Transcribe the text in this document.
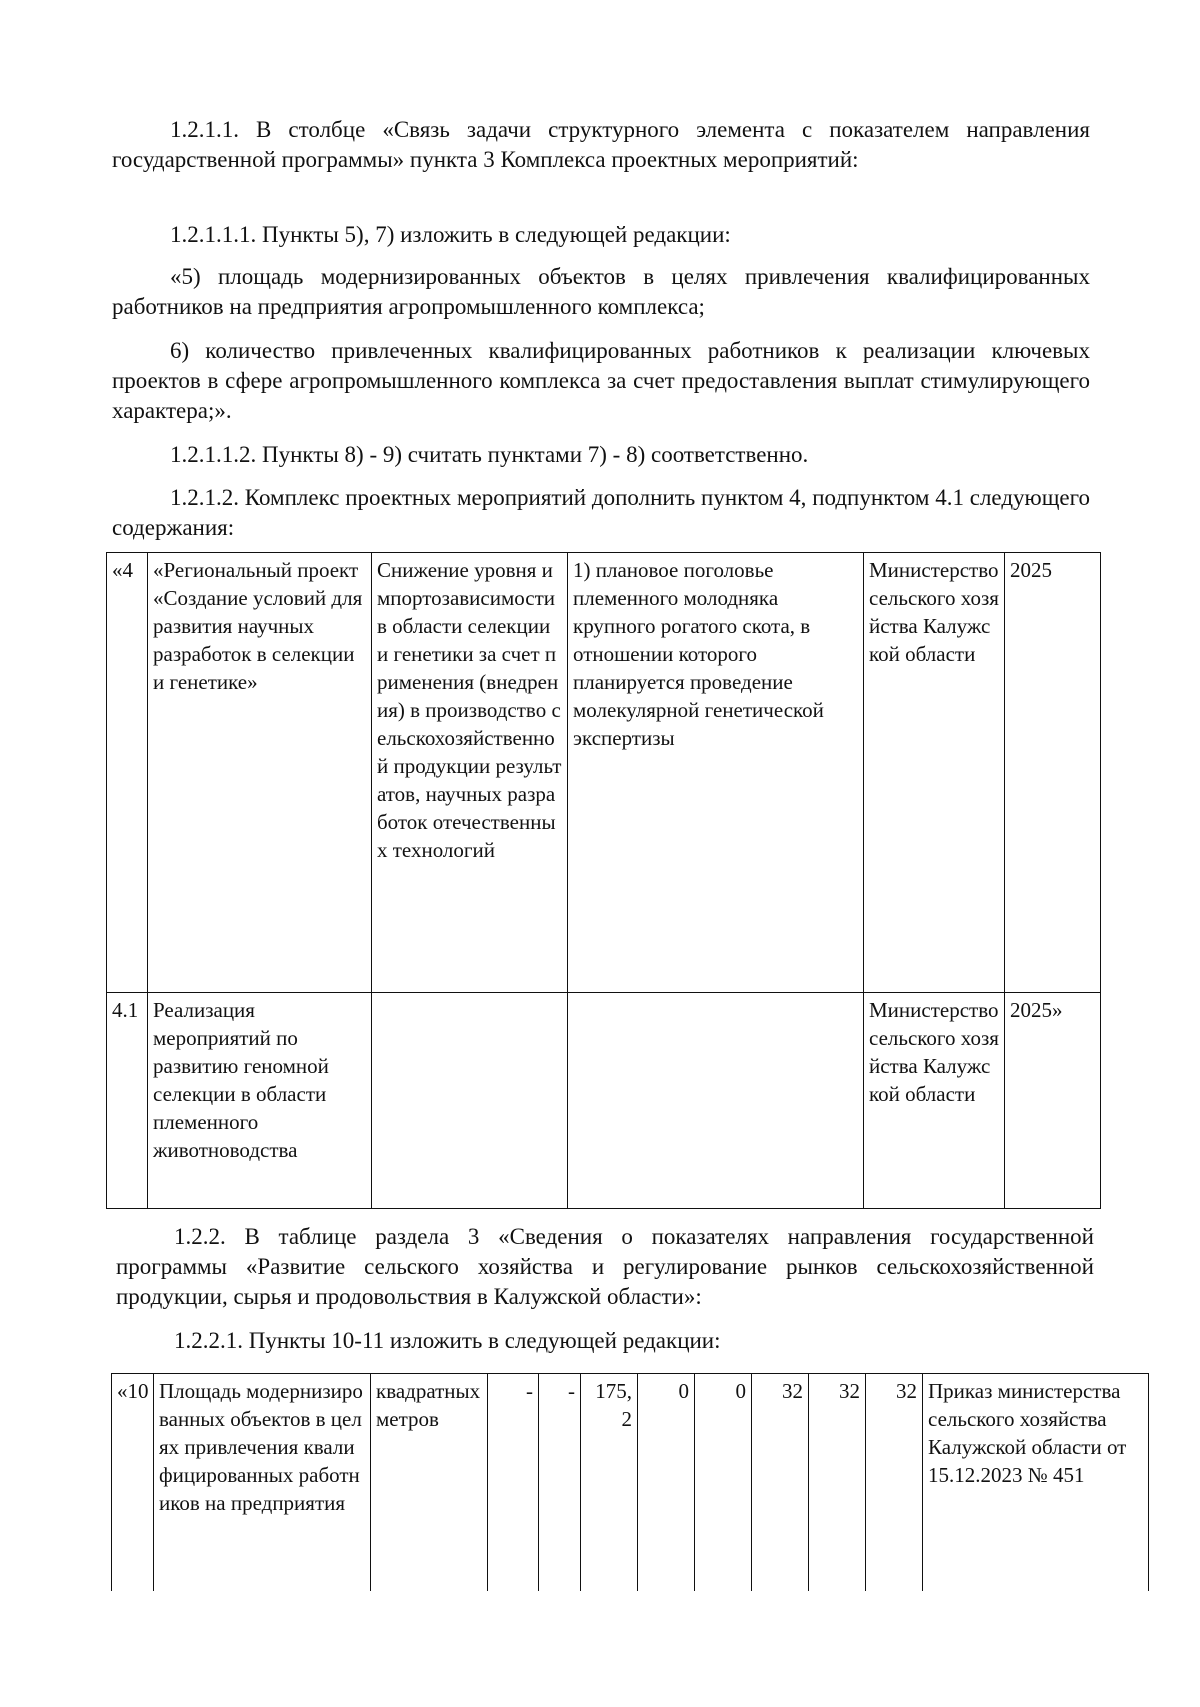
1.2.1.1. В столбце «Связь задачи структурного элемента с показателем направления государственной программы» пункта 3 Комплекса проектных мероприятий:

1.2.1.1.1. Пункты 5), 7) изложить в следующей редакции:

«5) площадь модернизированных объектов в целях привлечения квалифицированных работников на предприятия агропромышленного комплекса;

6) количество привлеченных квалифицированных работников к реализации ключевых проектов в сфере агропромышленного комплекса за счет предоставления выплат стимулирующего характера;».

1.2.1.1.2. Пункты 8) - 9) считать пунктами 7) - 8) соответственно.

1.2.1.2. Комплекс проектных мероприятий дополнить пунктом 4, подпунктом 4.1 следующего содержания:

«4	«Региональный проект «Создание условий для развития научных разработок в селекции и генетике»	Снижение уровня импортозависимости в области селекции и генетики за счет применения (внедрения) в производство сельскохозяйственной продукции результатов, научных разработок отечественных технологий	1) плановое поголовье племенного молодняка крупного рогатого скота, в отношении которого планируется проведение молекулярной генетической экспертизы	Министерство сельского хозяйства Калужской области	2025
4.1	Реализация мероприятий по развитию геномной селекции в области племенного животноводства			Министерство сельского хозяйства Калужской области	2025»

1.2.2. В таблице раздела 3 «Сведения о показателях направления государственной программы «Развитие сельского хозяйства и регулирование рынков сельскохозяйственной продукции, сырья и продовольствия в Калужской области»:

1.2.2.1. Пункты 10-11 изложить в следующей редакции:

«10	Площадь модернизированных объектов в целях привлечения квалифицированных работников на предприятия	квадратных метров	-	-	175,2	0	0	32	32	32	Приказ министерства сельского хозяйства Калужской области от 15.12.2023 № 451
